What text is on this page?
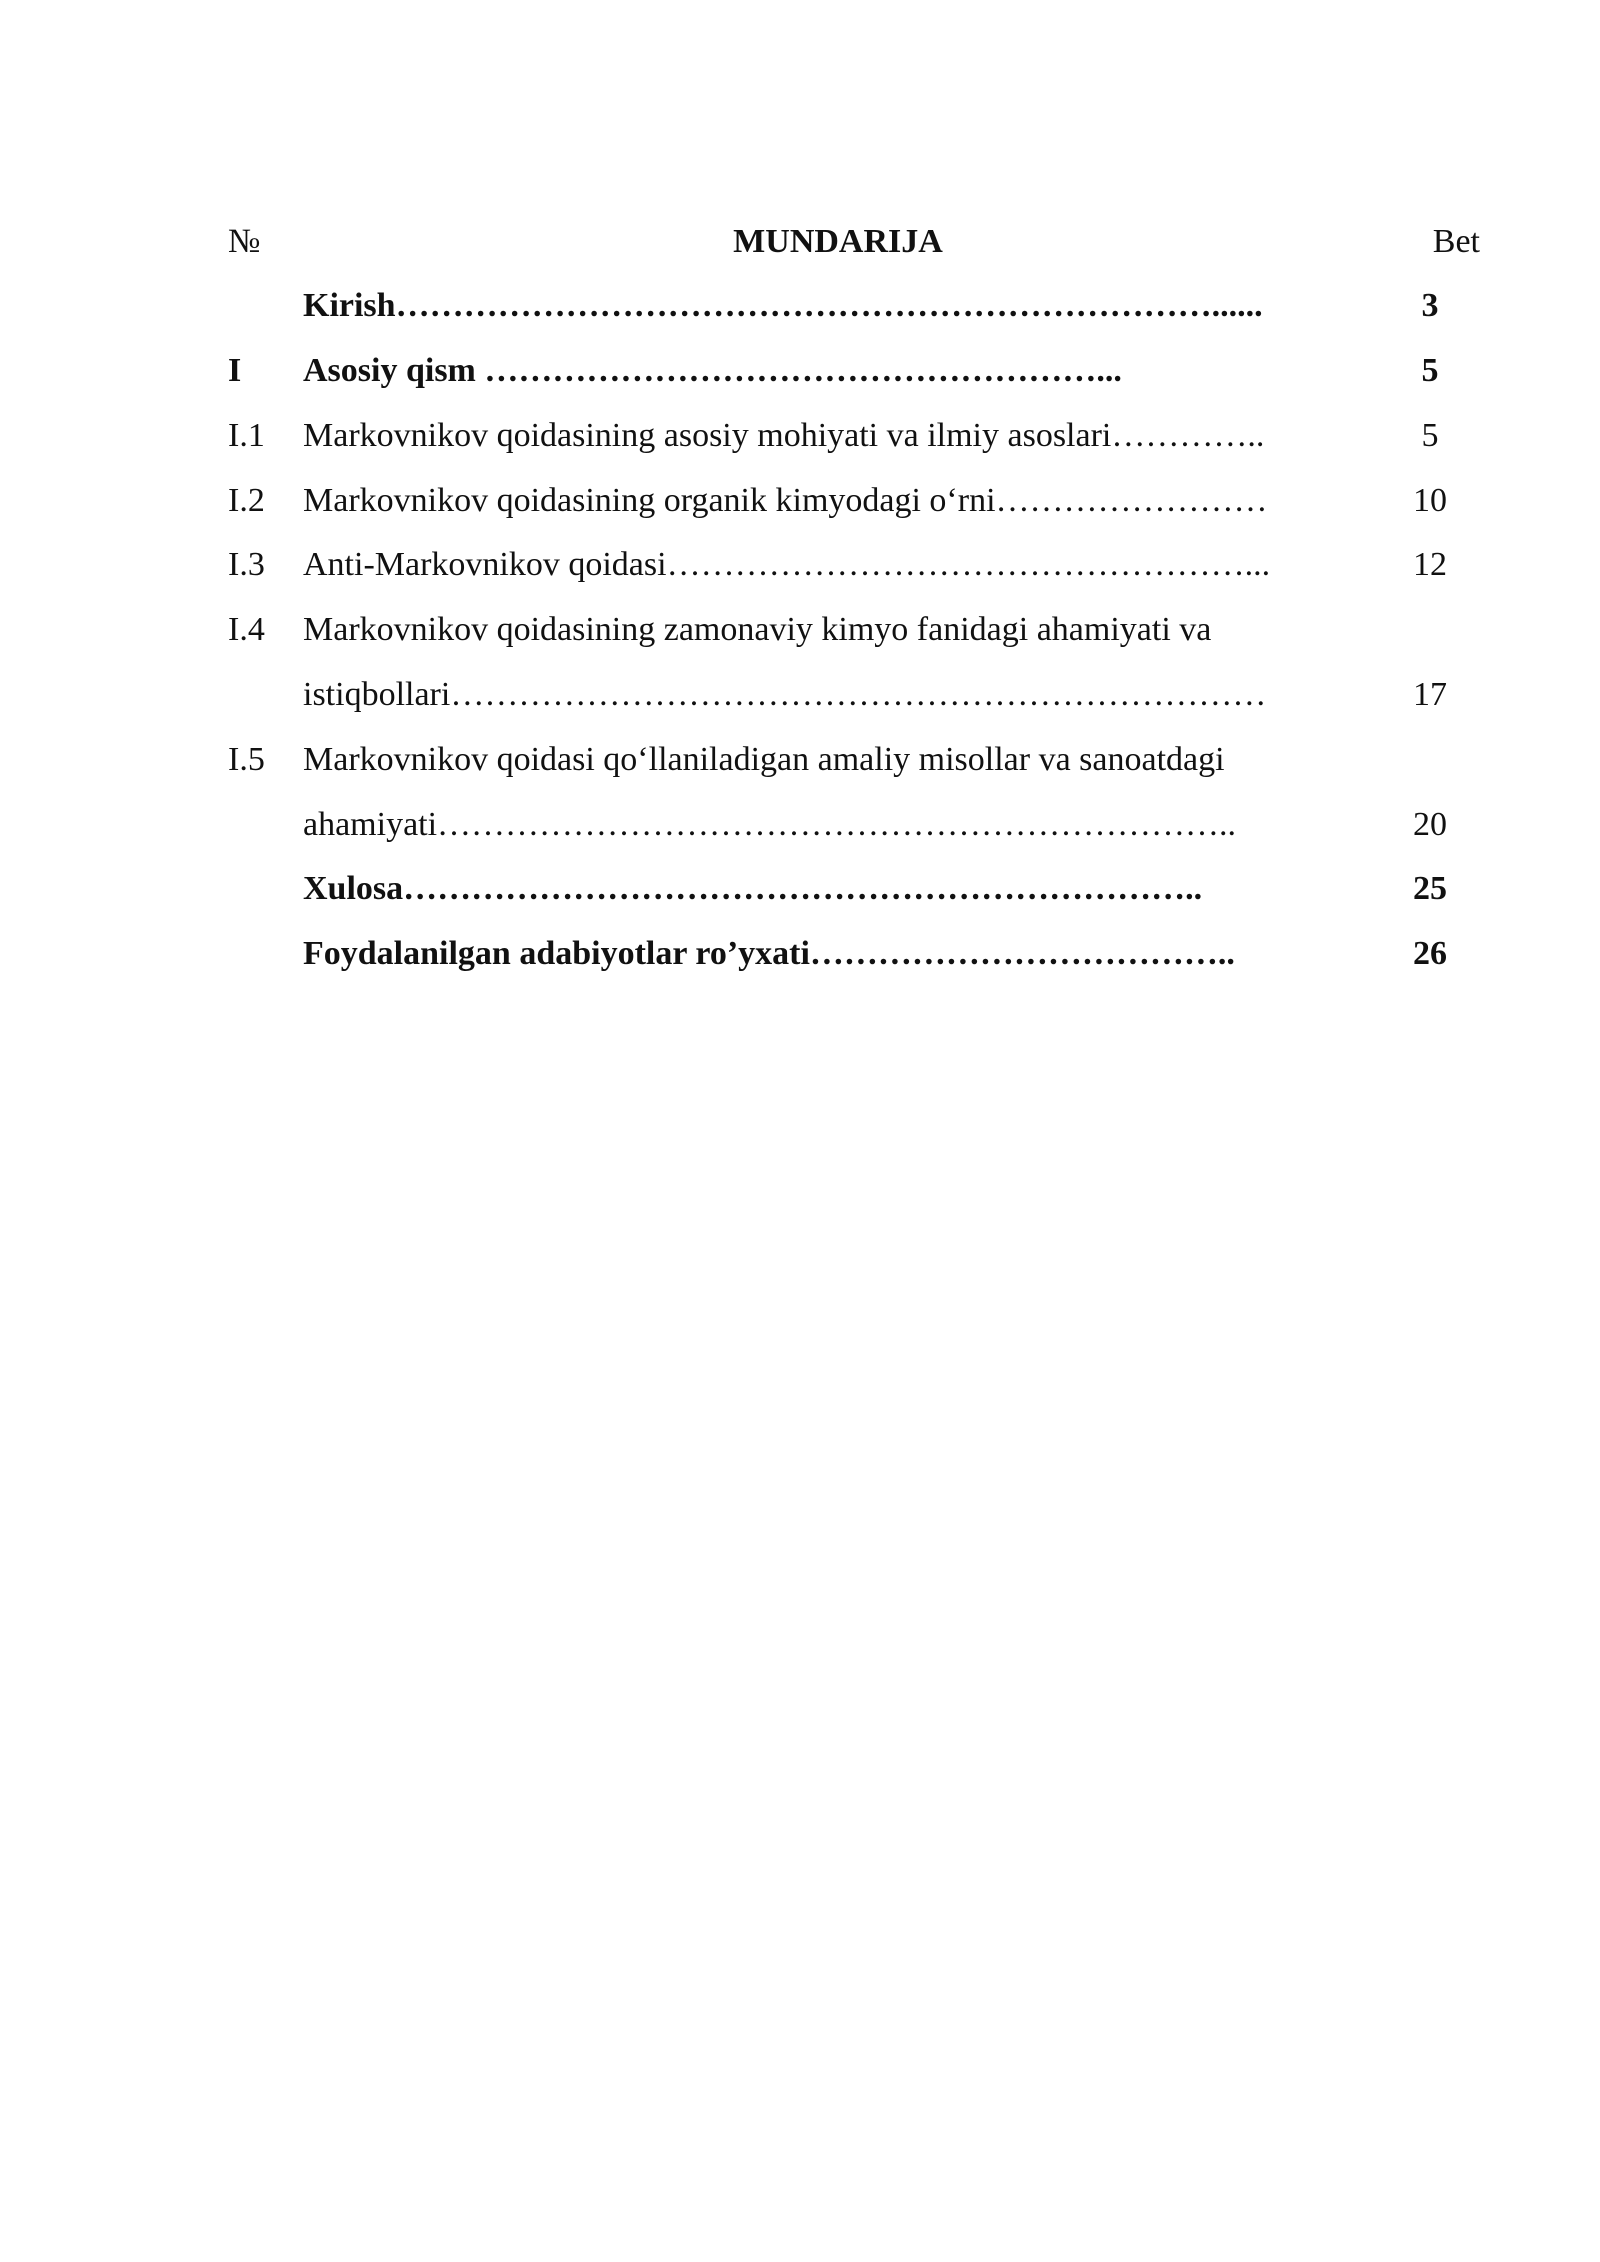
№	MUNDARIJA	Bet
Kirish………………………………………………………………......	3
I Asosiy qism ………………………………………………...	5
I.1 Markovnikov qoidasining asosiy mohiyati va ilmiy asoslari…………..	5
I.2 Markovnikov qoidasining organik kimyodagi o‘rni……………………	10
I.3 Anti-Markovnikov qoidasi……………………………………………...	12
I.4 Markovnikov qoidasining zamonaviy kimyo fanidagi ahamiyati va
istiqbollari………………………………………………………………	17
I.5 Markovnikov qoidasi qo‘llaniladigan amaliy misollar va sanoatdagi
ahamiyati……………………………………………………………..	20
Xulosa……………………………………………………………..	25
Foydalanilgan adabiyotlar ro’yxati………………………………..	26
